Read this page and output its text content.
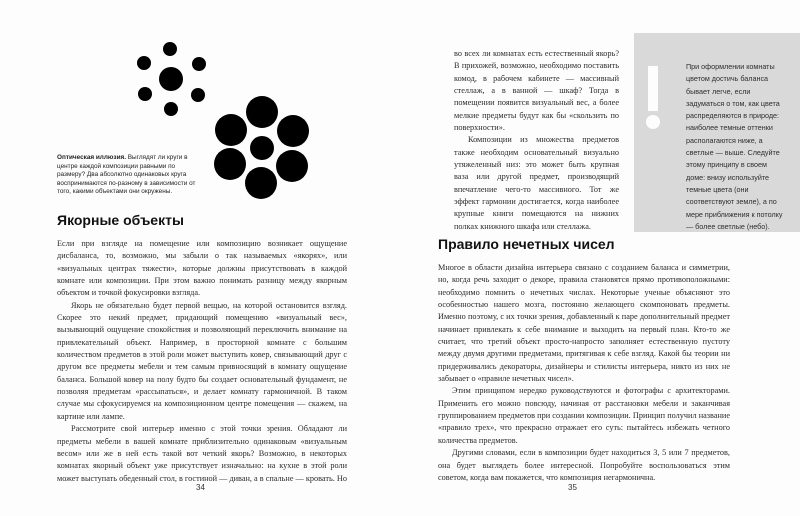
Оптическая иллюзия. Выглядят ли круги в центре каждой композиции равными по размеру? Два абсолютно одинаковых круга воспринимаются по-разному в зависимости от того, какими объектами они окружены.
Якорные объекты

Если при взгляде на помещение или композицию возникает ощущение дисбаланса, то, возможно, мы забыли о так называемых «якорях», или «визуальных центрах тяжести», которые должны присутствовать в каждой комнате или композиции. При этом важно понимать разницу между якорным объектом и точкой фокусировки взгляда.

Якорь не обязательно будет первой вещью, на которой остановится взгляд. Скорее это некий предмет, придающий помещению «визуальный вес», вызывающий ощущение спокойствия и позволяющий переключить внимание на привлекательный объект. Например, в просторной комнате с большим количеством предметов в этой роли может выступить ковер, связывающий друг с другом все предметы мебели и тем самым привносящий в комнату ощущение баланса. Большой ковер на полу будто бы создает основательный фундамент, не позволяя предметам «рассыпаться», и делает комнату гармоничной. В таком случае мы сфокусируемся на композиционном центре помещения — скажем, на картине или лампе.

Рассмотрите свой интерьер именно с этой точки зрения. Обладают ли предметы мебели в вашей комнате приблизительно одинаковым «визуальным весом» или же в ней есть такой вот четкий якорь? Возможно, в некоторых комнатах якорный объект уже присутствует изначально: на кухне в этой роли может выступать обеденный стол, в гостиной — диван, а в спальне — кровать. Но

34

во всех ли комнатах есть естественный якорь? В прихожей, возможно, необходимо поставить комод, в рабочем кабинете — массивный стеллаж, а в ванной — шкаф? Тогда в помещении появится визуальный вес, а более мелкие предметы будут как бы «скользить по поверхности».

Композиции из множества предметов также необходим основательный визуально утяжеленный низ: это может быть крупная ваза или другой предмет, производящий впечатление чего-то массивного. Тот же эффект гармонии достигается, когда наиболее крупные книги помещаются на нижних полках книжного шкафа или стеллажа.

При оформлении комнаты цветом достичь баланса бывает легче, если задуматься о том, как цвета распределяются в природе: наиболее темные оттенки располагаются ниже, а светлые — выше. Следуйте этому принципу в своем доме: внизу используйте темные цвета (они соответствуют земле), а по мере приближения к потолку — более светлые (небо).
Правило нечетных чисел

Многое в области дизайна интерьера связано с созданием баланса и симметрии, но, когда речь заходит о декоре, правила становятся прямо противоположными: необходимо помнить о нечетных числах. Некоторые ученые объясняют это особенностью нашего мозга, постоянно желающего скомпоновать предметы. Именно поэтому, с их точки зрения, добавленный к паре дополнительный предмет начинает привлекать к себе внимание и выходить на первый план. Кто-то же считает, что третий объект просто-напросто заполняет естественную пустоту между двумя другими предметами, притягивая к себе взгляд. Какой бы теории ни придерживались декораторы, дизайнеры и стилисты интерьера, никто из них не забывает о «правиле нечетных чисел».

Этим принципом нередко руководствуются и фотографы с архитекторами. Применить его можно повсюду, начиная от расстановки мебели и заканчивая группированием предметов при создании композиции. Принцип получил название «правило трех», что прекрасно отражает его суть: пытайтесь избежать четного количества предметов.

Другими словами, если в композиции будет находиться 3, 5 или 7 предметов, она будет выглядеть более интересной. Попробуйте воспользоваться этим советом, когда вам покажется, что композиция негармонична.

35
